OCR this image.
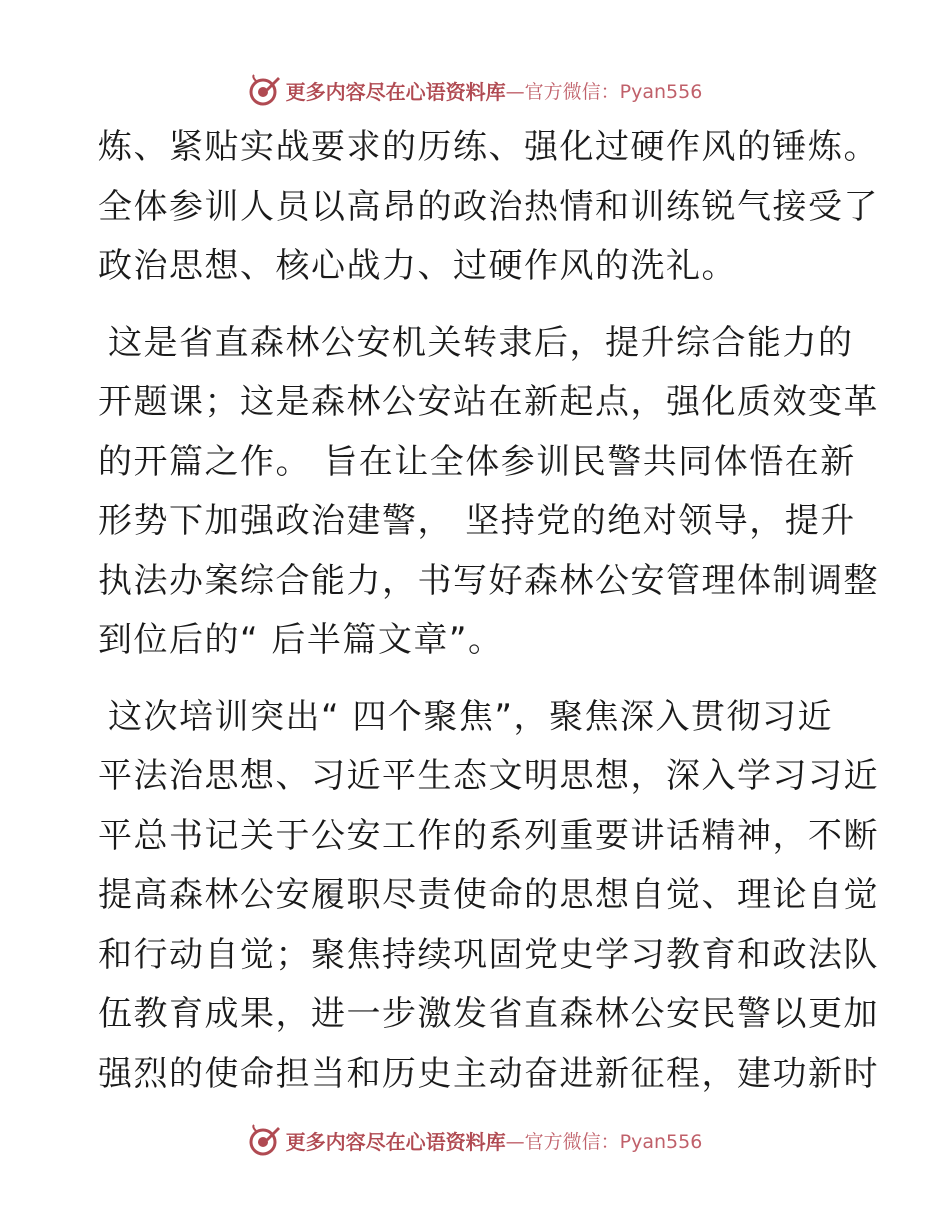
更多内容尽在心语资料库 —官方微信：Pyan556

炼、紧贴实战要求的历练、强化过硬作风的锤炼。
全体参训人员以高昂的政治热情和训练锐气接受了
政治思想、核心战力、过硬作风的洗礼。

这是省直森林公安机关转隶后，提升综合能力的
开题课；这是森林公安站在新起点，强化质效变革
的开篇之作。 旨在让全体参训民警共同体悟在新
形势下加强政治建警， 坚持党的绝对领导，提升
执法办案综合能力，书写好森林公安管理体制调整
到位后的“ 后半篇文章”。

这次培训突出“ 四个聚焦”，聚焦深入贯彻习近
平法治思想、习近平生态文明思想，深入学习习近
平总书记关于公安工作的系列重要讲话精神，不断
提高森林公安履职尽责使命的思想自觉、理论自觉
和行动自觉；聚焦持续巩固党史学习教育和政法队
伍教育成果，进一步激发省直森林公安民警以更加
强烈的使命担当和历史主动奋进新征程，建功新时

更多内容尽在心语资料库 —官方微信：Pyan556
